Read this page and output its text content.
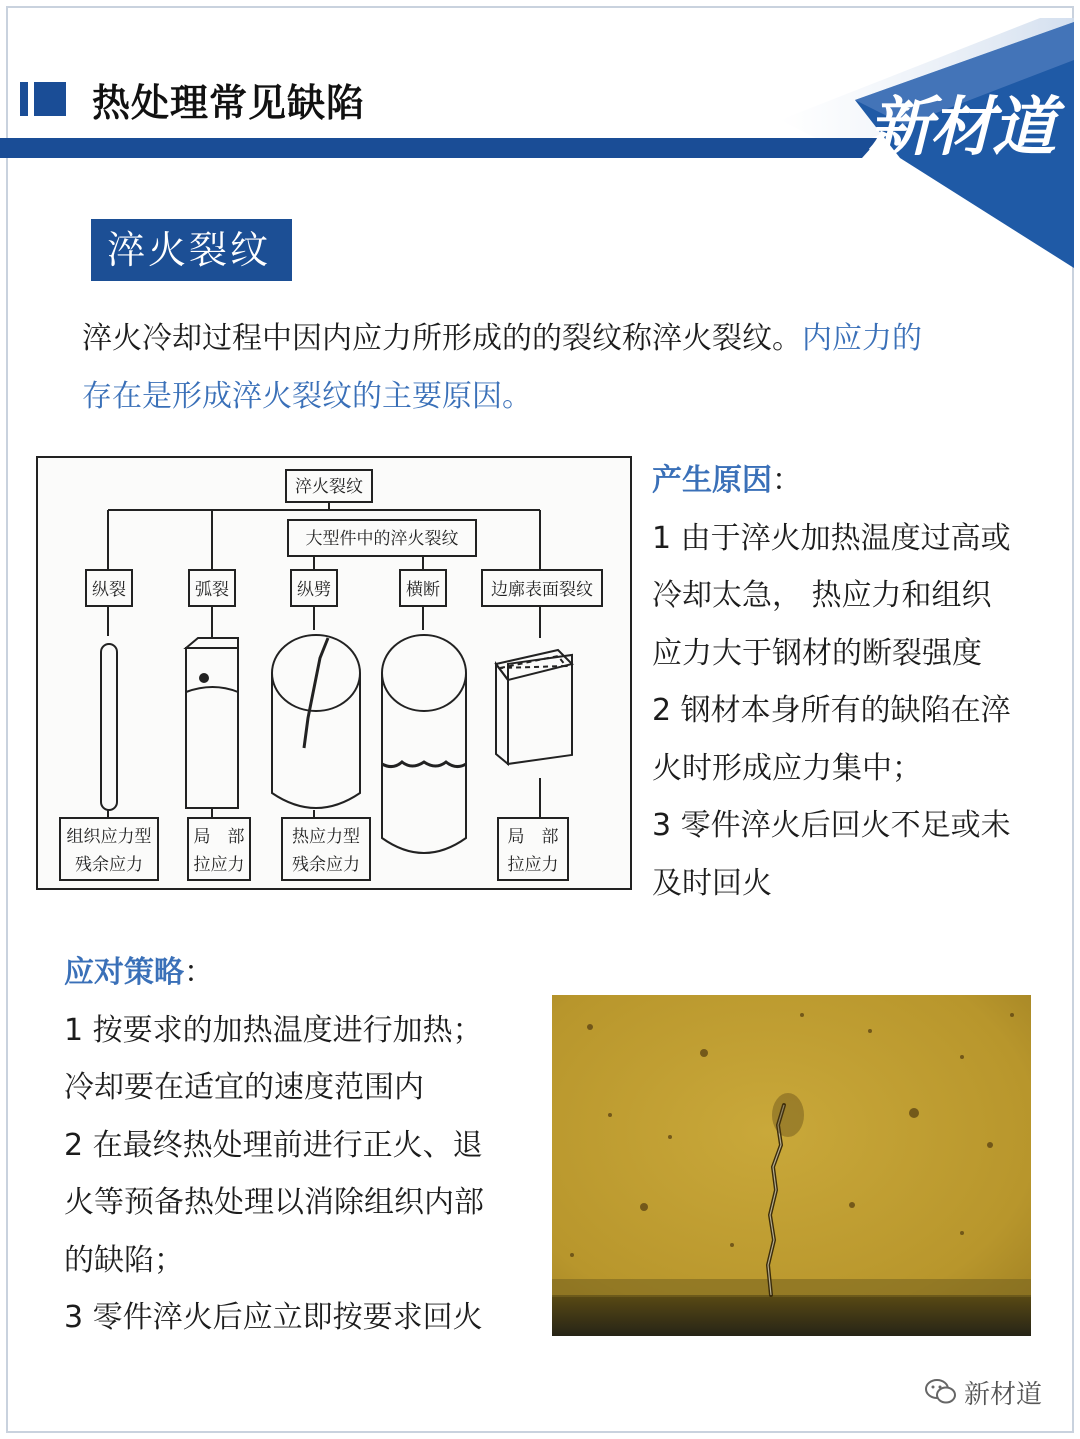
热处理常见缺陷	新材道
淬火裂纹
淬火冷却过程中因内应力所形成的的裂纹称淬火裂纹。内应力的
存在是形成淬火裂纹的主要原因。
淬火裂纹
大型件中的淬火裂纹
纵裂	弧裂	纵劈	横断	边廓表面裂纹
组织应力型
残余应力
局　部
拉应力
热应力型
残余应力
局　部
拉应力
产生原因：
1 由于淬火加热温度过高或
冷却太急， 热应力和组织
应力大于钢材的断裂强度
2 钢材本身所有的缺陷在淬
火时形成应力集中；
3 零件淬火后回火不足或未
及时回火
应对策略：
1 按要求的加热温度进行加热；
冷却要在适宜的速度范围内
2 在最终热处理前进行正火、退
火等预备热处理以消除组织内部
的缺陷；
3 零件淬火后应立即按要求回火
新材道
